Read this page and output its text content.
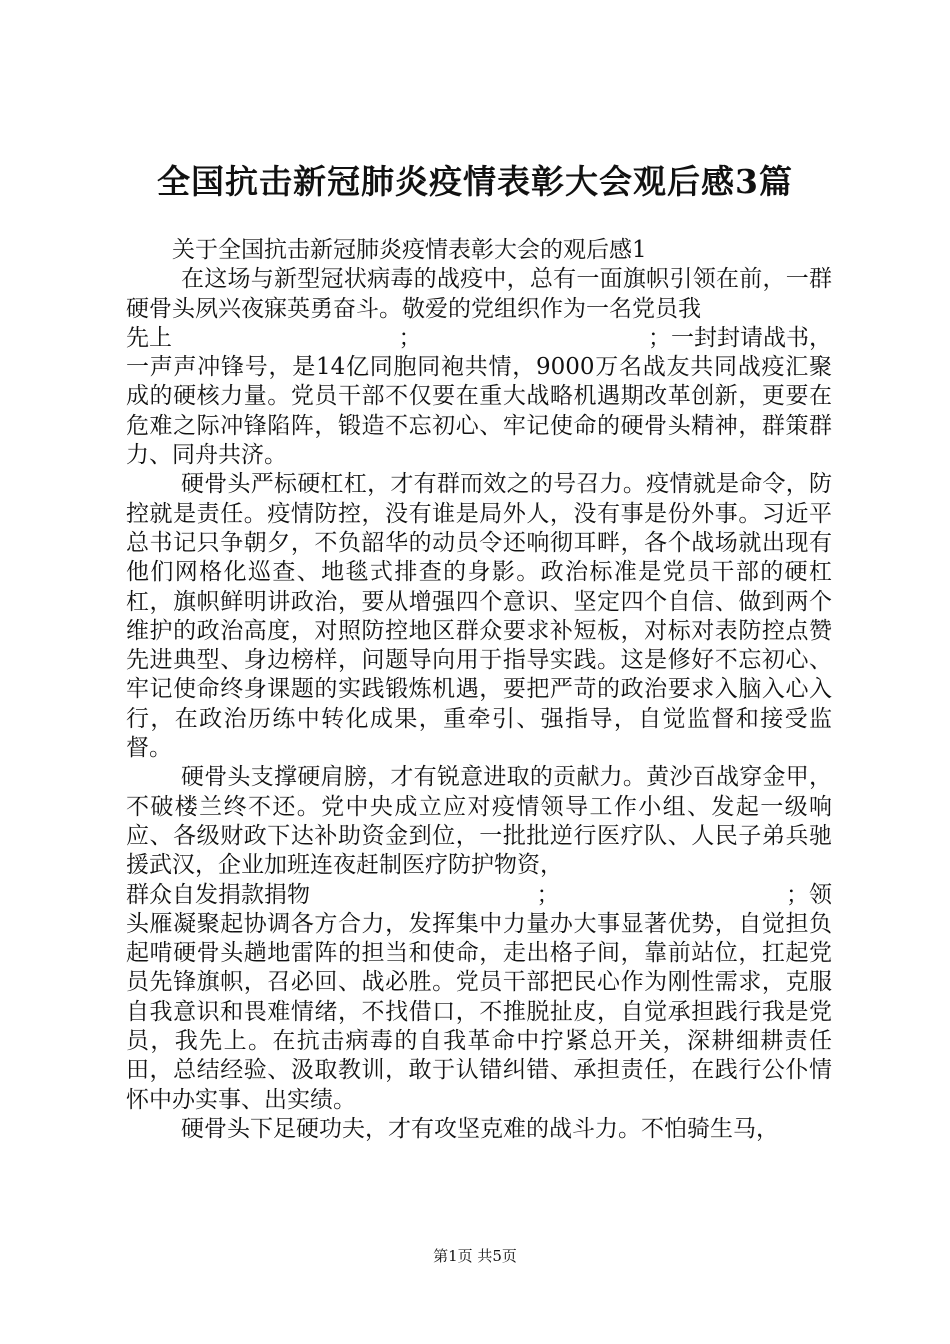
全国抗击新冠肺炎疫情表彰大会观后感3篇

关于全国抗击新冠肺炎疫情表彰大会的观后感1

在这场与新型冠状病毒的战疫中，总有一面旗帜引领在前，一群硬骨头夙兴夜寐英勇奋斗。敬爱的党组织作为一名党员我

先上	；	；一封封请战书，

一声声冲锋号，是14亿同胞同袍共情，9000万名战友共同战疫汇聚成的硬核力量。党员干部不仅要在重大战略机遇期改革创新，更要在危难之际冲锋陷阵，锻造不忘初心、牢记使命的硬骨头精神，群策群力、同舟共济。

硬骨头严标硬杠杠，才有群而效之的号召力。疫情就是命令，防控就是责任。疫情防控，没有谁是局外人，没有事是份外事。习近平总书记只争朝夕，不负韶华的动员令还响彻耳畔，各个战场就出现有他们网格化巡查、地毯式排查的身影。政治标准是党员干部的硬杠杠，旗帜鲜明讲政治，要从增强四个意识、坚定四个自信、做到两个维护的政治高度，对照防控地区群众要求补短板，对标对表防控点赞先进典型、身边榜样，问题导向用于指导实践。这是修好不忘初心、牢记使命终身课题的实践锻炼机遇，要把严苛的政治要求入脑入心入行，在政治历练中转化成果，重牵引、强指导，自觉监督和接受监督。

硬骨头支撑硬肩膀，才有锐意进取的贡献力。黄沙百战穿金甲，不破楼兰终不还。党中央成立应对疫情领导工作小组、发起一级响应、各级财政下达补助资金到位，一批批逆行医疗队、人民子弟兵驰援武汉，企业加班连夜赶制医疗防护物资，

群众自发捐款捐物	；	；领

头雁凝聚起协调各方合力，发挥集中力量办大事显著优势，自觉担负起啃硬骨头趟地雷阵的担当和使命，走出格子间，靠前站位，扛起党员先锋旗帜，召必回、战必胜。党员干部把民心作为刚性需求，克服自我意识和畏难情绪，不找借口，不推脱扯皮，自觉承担践行我是党员，我先上。在抗击病毒的自我革命中拧紧总开关，深耕细耕责任田，总结经验、汲取教训，敢于认错纠错、承担责任，在践行公仆情怀中办实事、出实绩。

硬骨头下足硬功夫，才有攻坚克难的战斗力。不怕骑生马，

第1页 共5页
